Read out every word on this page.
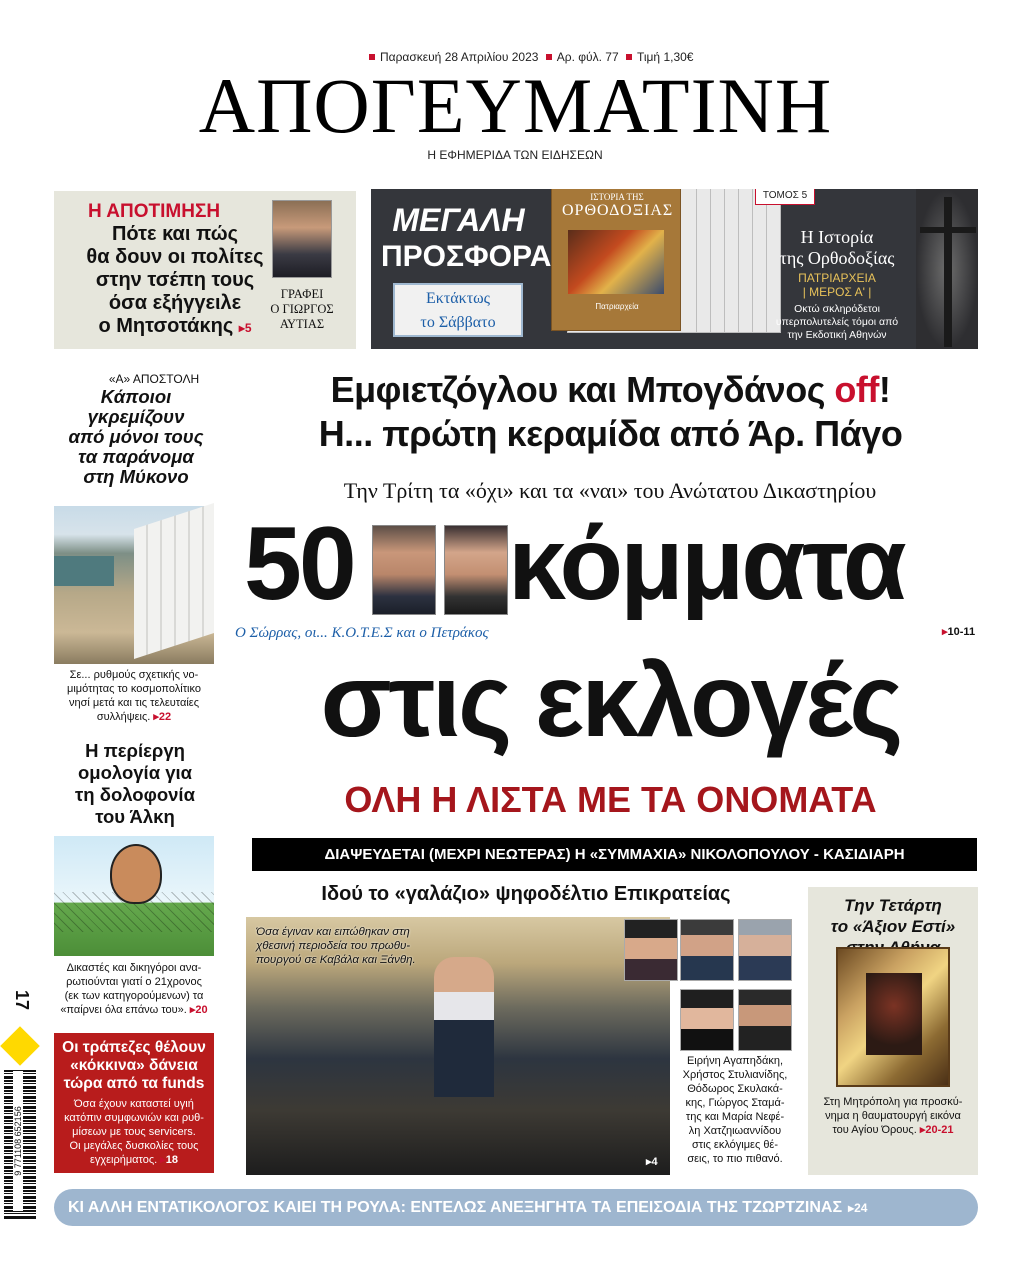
Παρασκευή 28 Απριλίου 2023 Αρ. φύλ. 77 Τιμή 1,30€
ΑΠΟΓΕΥΜΑΤΙΝΗ
Η ΕΦΗΜΕΡΙΔΑ ΤΩΝ ΕΙΔΗΣΕΩΝ
Η ΑΠΟΤΙΜΗΣΗ
Πότε και πώς
θα δουν οι πολίτες
στην τσέπη τους
όσα εξήγγειλε
ο Μητσοτάκης ▸5
ΓΡΑΦΕΙ
Ο ΓΙΩΡΓΟΣ
ΑΥΤΙΑΣ
ΜΕΓΑΛΗ
ΠΡΟΣΦΟΡΑ
Εκτάκτως
το Σάββατο
ΙΣΤΟΡΙΑ ΤΗΣ
ΟΡΘΟΔΟΞΙΑΣ
Πατριαρχεία
ΤΟΜΟΣ 5
Η Ιστορία
της Ορθοδοξίας
ΠΑΤΡΙΑΡΧΕΙΑ
| ΜΕΡΟΣ Α' |
Οκτώ σκληρόδετοι
υπερπολυτελείς τόμοι από
την Εκδοτική Αθηνών
«Α» ΑΠΟΣΤΟΛΗ
Κάποιοι
γκρεμίζουν
από μόνοι τους
τα παράνομα
στη Μύκονο
Σε... ρυθμούς σχετικής νο-
μιμότητας το κοσμοπολίτικο
νησί μετά και τις τελευταίες
συλλήψεις. ▸22
Η περίεργη
ομολογία για
τη δολοφονία
του Άλκη
Δικαστές και δικηγόροι ανα-
ρωτιούνται γιατί ο 21χρονος
(εκ των κατηγορούμενων) τα
«παίρνει όλα επάνω του». ▸20
Οι τράπεζες θέλουν
«κόκκινα» δάνεια
τώρα από τα funds
Όσα έχουν καταστεί υγιή
κατόπιν συμφωνιών και ρυθ-
μίσεων με τους servicers.
Οι μεγάλες δυσκολίες τους
εγχειρήματος. ▸18
17
9 771108 652156
Εμφιετζόγλου και Μπογδάνος off!
Η... πρώτη κεραμίδα από Άρ. Πάγο
Την Τρίτη τα «όχι» και τα «ναι» του Ανώτατου Δικαστηρίου
50 κόμματα
Ο Σώρρας, οι... Κ.Ο.Τ.Ε.Σ και ο Πετράκος	▸10-11
στις εκλογές
ΟΛΗ Η ΛΙΣΤΑ ΜΕ ΤΑ ΟΝΟΜΑΤΑ
ΔΙΑΨΕΥΔΕΤΑΙ (ΜΕΧΡΙ ΝΕΩΤΕΡΑΣ) Η «ΣΥΜΜΑΧΙΑ» ΝΙΚΟΛΟΠΟΥΛΟΥ - ΚΑΣΙΔΙΑΡΗ
Ιδού το «γαλάζιο» ψηφοδέλτιο Επικρατείας
Όσα έγιναν και ειπώθηκαν στη
χθεσινή περιοδεία του πρωθυ-
πουργού σε Καβάλα και Ξάνθη.
▸4
Ειρήνη Αγαπηδάκη,
Χρήστος Στυλιανίδης,
Θόδωρος Σκυλακά-
κης, Γιώργος Σταμά-
της και Μαρία Νεφέ-
λη Χατζηιωαννίδου
στις εκλόγιμες θέ-
σεις, το πιο πιθανό.
Την Τετάρτη
το «Άξιον Εστί»
Στη Μητρόπολη για προσκύ-
νημα η θαυματουργή εικόνα
του Αγίου Όρους. ▸20-21
ΚΙ ΑΛΛΗ ΕΝΤΑΤΙΚΟΛΟΓΟΣ ΚΑΙΕΙ ΤΗ ΡΟΥΛΑ: ΕΝΤΕΛΩΣ ΑΝΕΞΗΓΗΤΑ ΤΑ ΕΠΕΙΣΟΔΙΑ ΤΗΣ ΤΖΩΡΤΖΙΝΑΣ ▸24
